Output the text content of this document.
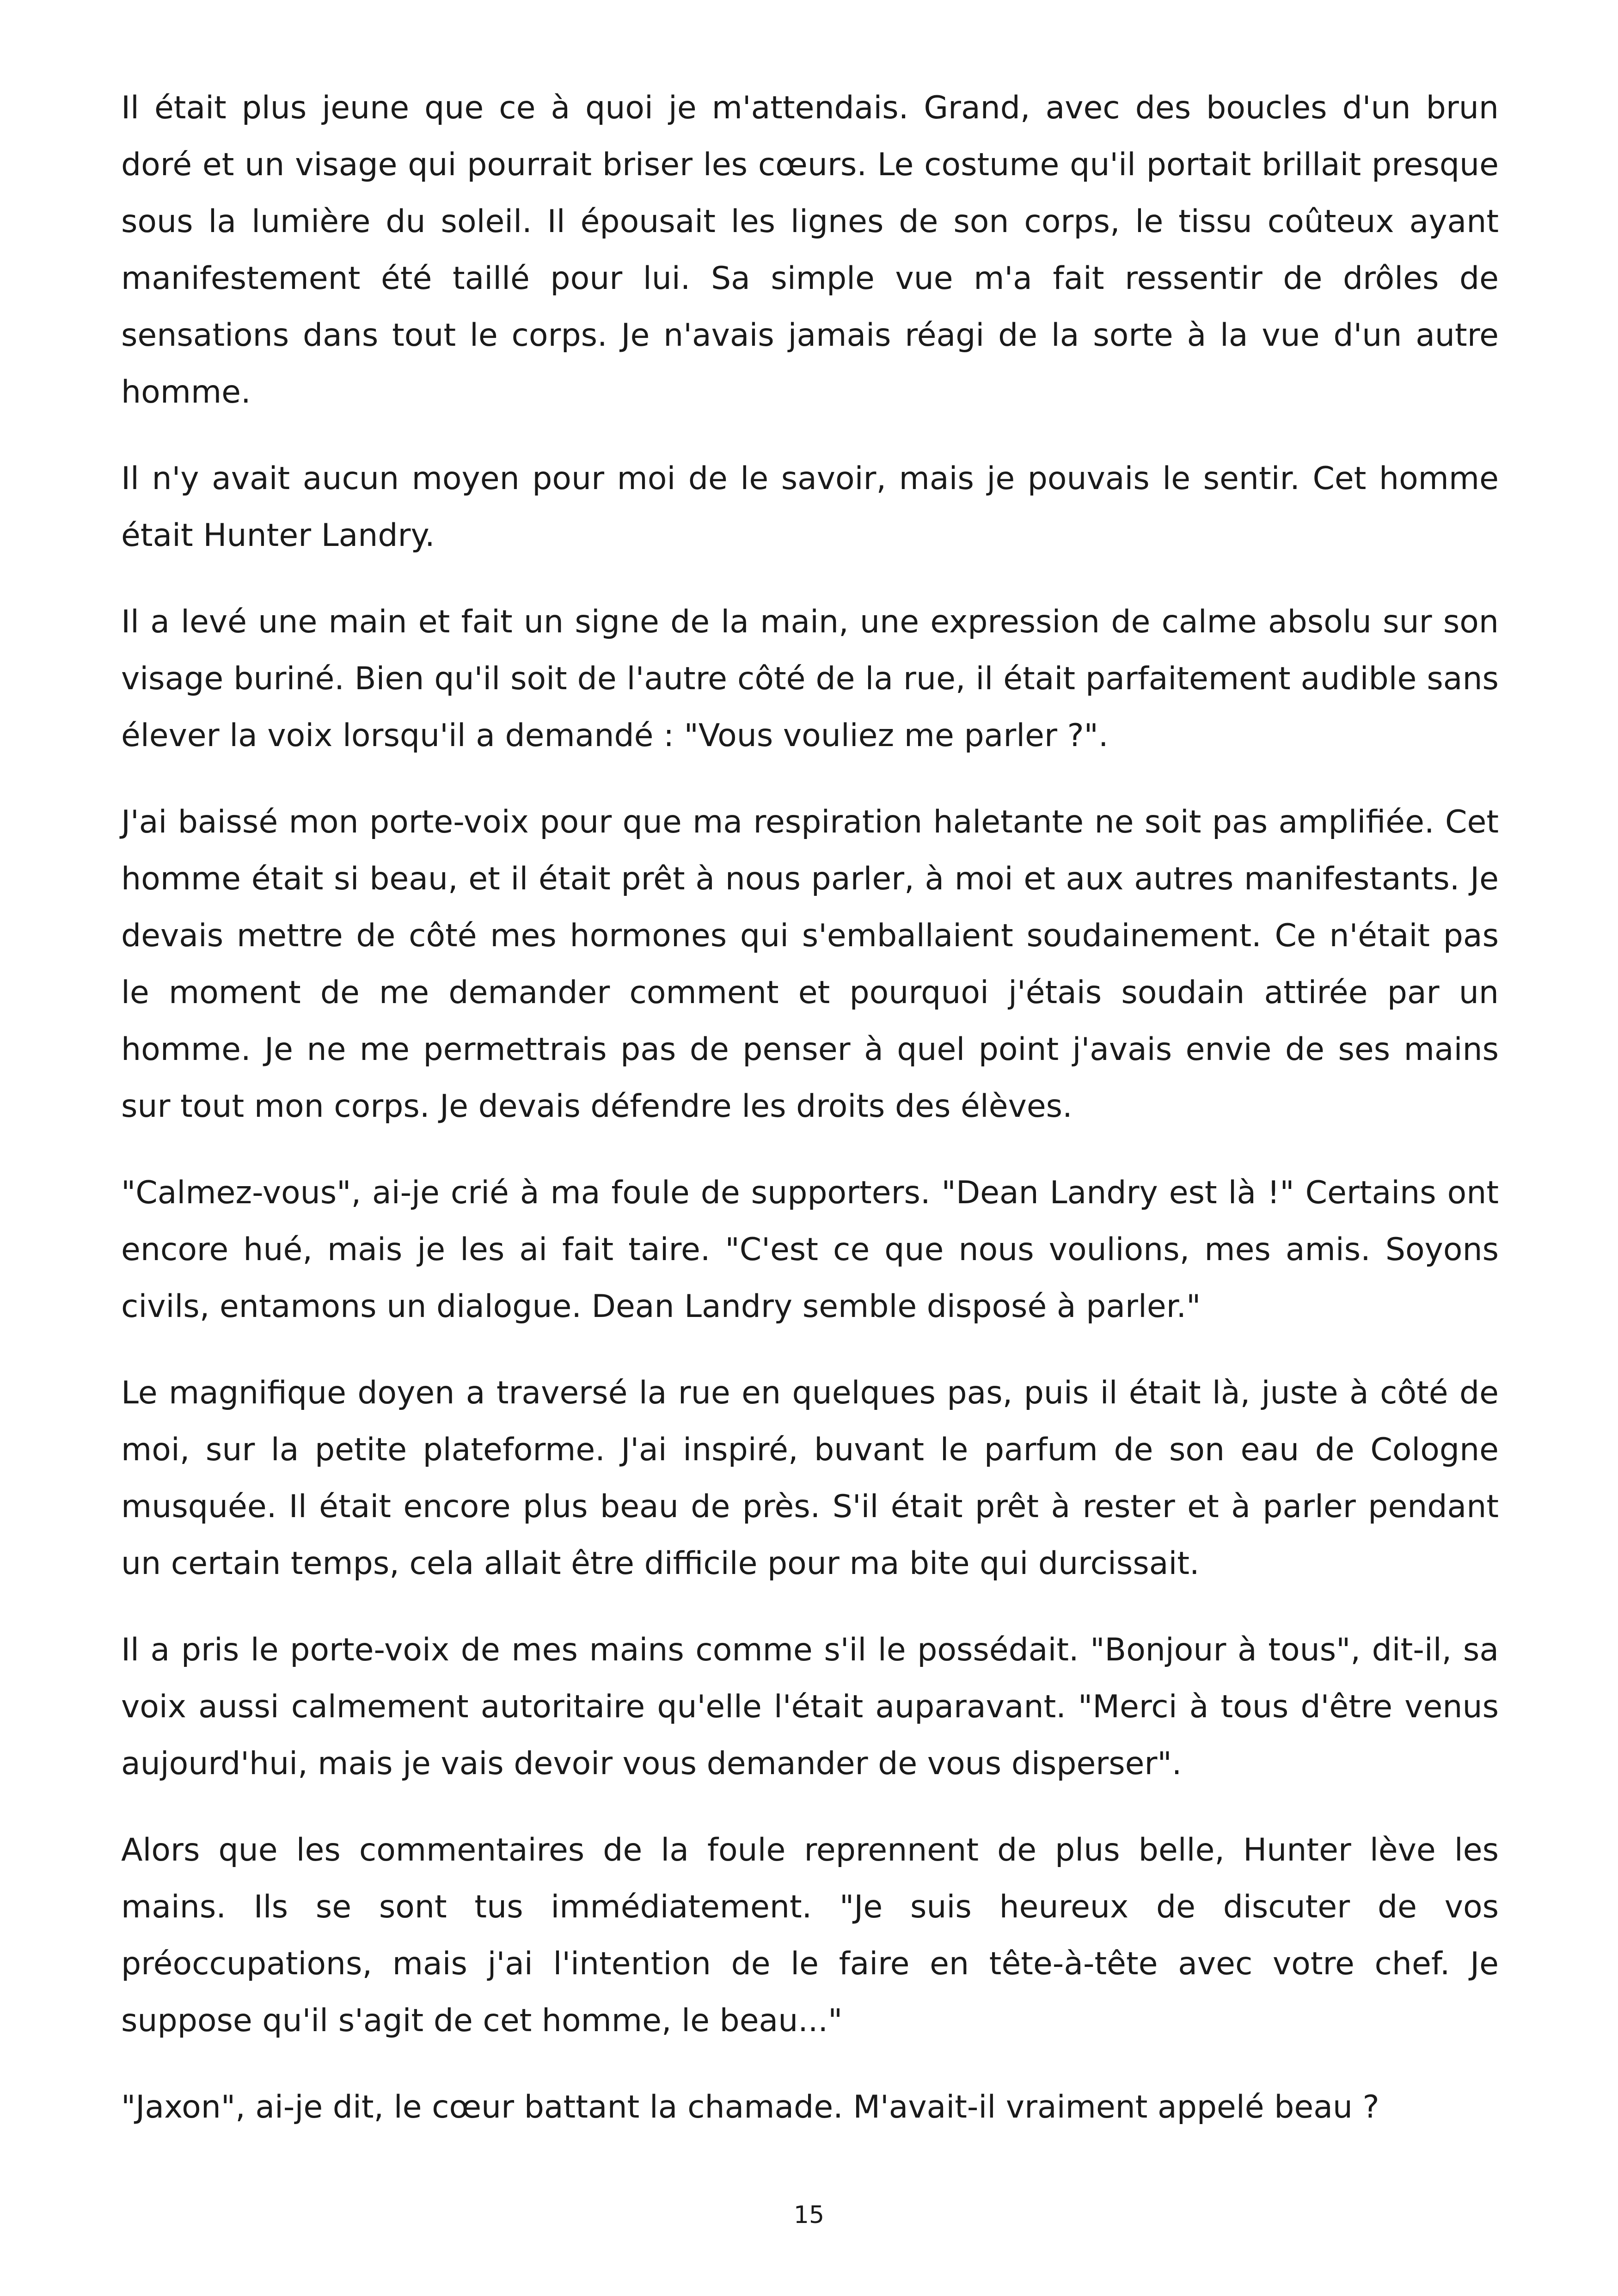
Il était plus jeune que ce à quoi je m'attendais. Grand, avec des boucles d'un brun doré et un visage qui pourrait briser les cœurs. Le costume qu'il portait brillait presque sous la lumière du soleil. Il épousait les lignes de son corps, le tissu coûteux ayant manifestement été taillé pour lui. Sa simple vue m'a fait ressentir de drôles de sensations dans tout le corps. Je n'avais jamais réagi de la sorte à la vue d'un autre homme.

Il n'y avait aucun moyen pour moi de le savoir, mais je pouvais le sentir. Cet homme était Hunter Landry.

Il a levé une main et fait un signe de la main, une expression de calme absolu sur son visage buriné. Bien qu'il soit de l'autre côté de la rue, il était parfaitement audible sans élever la voix lorsqu'il a demandé : "Vous vouliez me parler ?".

J'ai baissé mon porte-voix pour que ma respiration haletante ne soit pas amplifiée. Cet homme était si beau, et il était prêt à nous parler, à moi et aux autres manifestants. Je devais mettre de côté mes hormones qui s'emballaient soudainement. Ce n'était pas le moment de me demander comment et pourquoi j'étais soudain attirée par un homme. Je ne me permettrais pas de penser à quel point j'avais envie de ses mains sur tout mon corps. Je devais défendre les droits des élèves.

"Calmez-vous", ai-je crié à ma foule de supporters. "Dean Landry est là !" Certains ont encore hué, mais je les ai fait taire. "C'est ce que nous voulions, mes amis. Soyons civils, entamons un dialogue. Dean Landry semble disposé à parler."

Le magnifique doyen a traversé la rue en quelques pas, puis il était là, juste à côté de moi, sur la petite plateforme. J'ai inspiré, buvant le parfum de son eau de Cologne musquée. Il était encore plus beau de près. S'il était prêt à rester et à parler pendant un certain temps, cela allait être difficile pour ma bite qui durcissait.

Il a pris le porte-voix de mes mains comme s'il le possédait. "Bonjour à tous", dit-il, sa voix aussi calmement autoritaire qu'elle l'était auparavant. "Merci à tous d'être venus aujourd'hui, mais je vais devoir vous demander de vous disperser".

Alors que les commentaires de la foule reprennent de plus belle, Hunter lève les mains. Ils se sont tus immédiatement. "Je suis heureux de discuter de vos préoccupations, mais j'ai l'intention de le faire en tête-à-tête avec votre chef. Je suppose qu'il s'agit de cet homme, le beau..."

"Jaxon", ai-je dit, le cœur battant la chamade. M'avait-il vraiment appelé beau ?

15
